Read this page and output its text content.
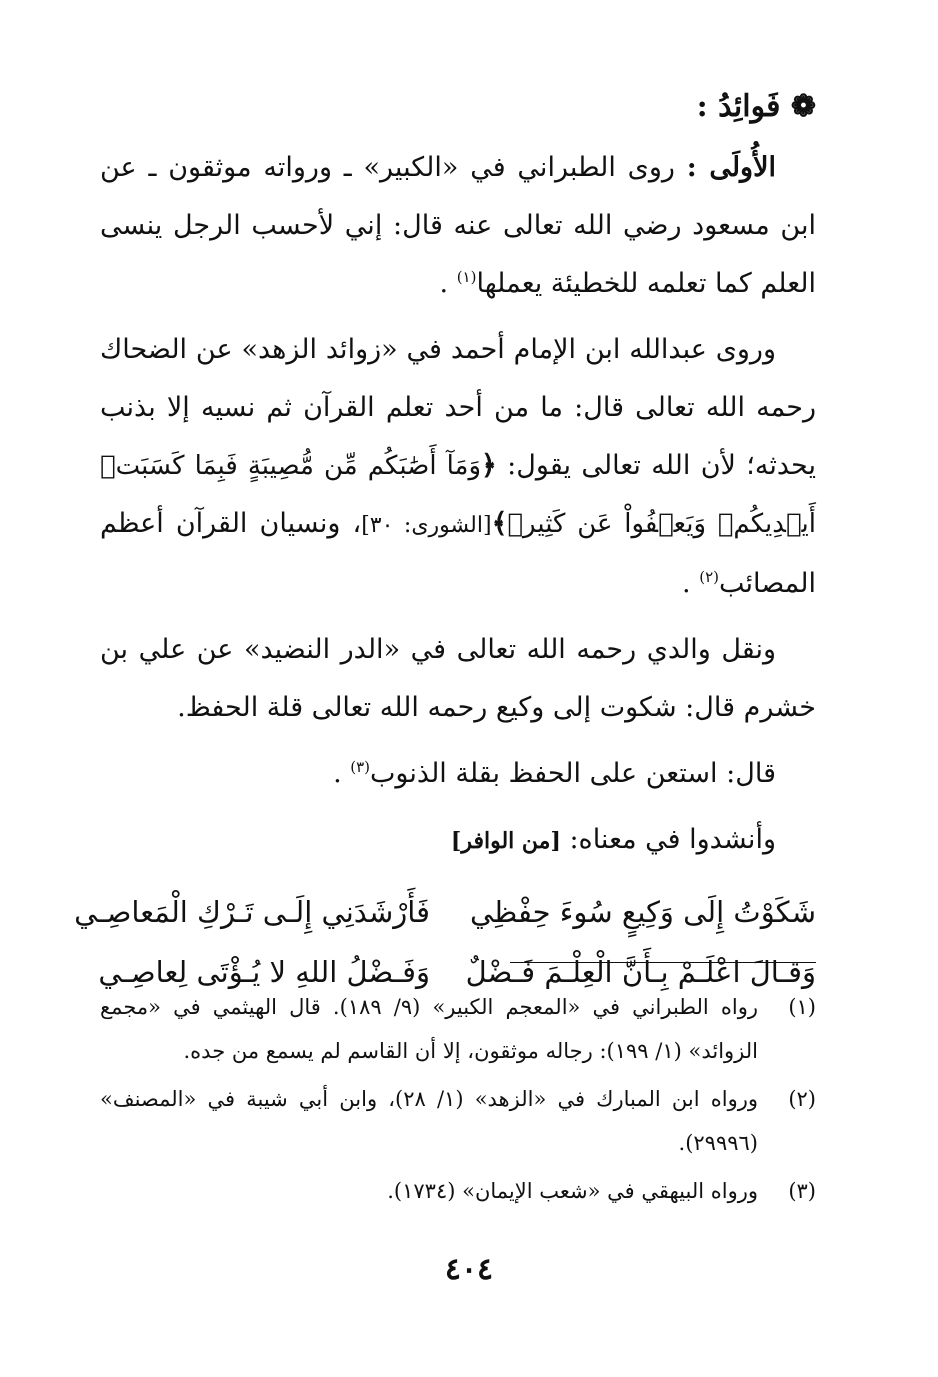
❁ فَوائِدُ :

الأُولَى : روى الطبراني في «الكبير» ـ ورواته موثقون ـ عن ابن مسعود رضي الله تعالى عنه قال: إني لأحسب الرجل ينسى العلم كما تعلمه للخطيئة يعملها$^{(١)}$ .

وروى عبدالله ابن الإمام أحمد في «زوائد الزهد» عن الضحاك رحمه الله تعالى قال: ما من أحد تعلم القرآن ثم نسيه إلا بذنب يحدثه؛ لأن الله تعالى يقول: ﴿وَمَآ أَصَٰبَكُم مِّن مُّصِيبَةٍ فَبِمَا كَسَبَتۡ أَيۡدِيكُمۡ وَيَعۡفُواْ عَن كَثِيرٖ﴾[الشورى: ٣٠]، ونسيان القرآن أعظم المصائب$^{(٢)}$ .

ونقل والدي رحمه الله تعالى في «الدر النضيد» عن علي بن خشرم قال: شكوت إلى وكيع رحمه الله تعالى قلة الحفظ.

قال: استعن على الحفظ بقلة الذنوب$^{(٣)}$ .

وأنشدوا في معناه: [من الوافر]

شَكَوْتُ إِلَى وَكِيعٍ سُوءَ حِفْظِي
فَأَرْشَدَنِي إِلَـى تَـرْكِ الْمَعاصِـي
وَقـالَ اعْلَـمْ بِـأَنَّ الْعِلْـمَ فَـضْلٌ
وَفَـضْلُ اللهِ لا يُـؤْتَى لِعاصِـي
(١)
رواه الطبراني في «المعجم الكبير» (٩/ ١٨٩). قال الهيثمي في «مجمع الزوائد» (١/ ١٩٩): رجاله موثقون، إلا أن القاسم لم يسمع من جده.
(٢)
ورواه ابن المبارك في «الزهد» (١/ ٢٨)، وابن أبي شيبة في «المصنف» (٢٩٩٩٦).
(٣)
ورواه البيهقي في «شعب الإيمان» (١٧٣٤).
٤٠٤
